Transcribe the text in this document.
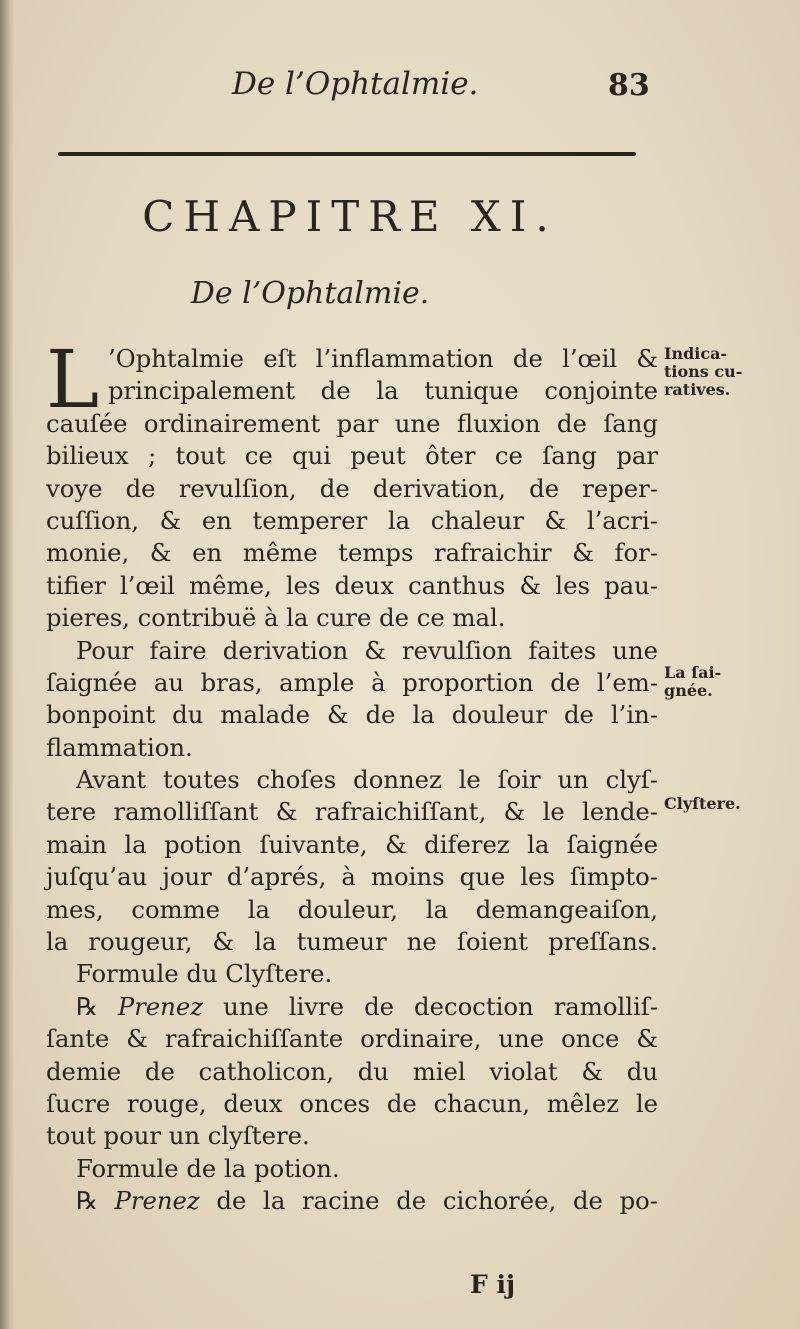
De l’Ophtalmie.	83
CHAPITRE XI.
De l’Ophtalmie.
L ’Ophtalmie eſt l’inflammation de l’œil &
principalement de la tunique conjointe
cauſée ordinairement par une fluxion de ſang
bilieux ; tout ce qui peut ôter ce ſang par
voye de revulſion, de derivation, de reper-
cuſſion, & en temperer la chaleur & l’acri-
monie, & en même temps rafraichir & for-
tifier l’œil même, les deux canthus & les pau-
pieres, contribuë à la cure de ce mal.
Pour faire derivation & revulſion faites une
ſaignée au bras, ample à proportion de l’em-
bonpoint du malade & de la douleur de l’in-
flammation.
Avant toutes choſes donnez le ſoir un clyſ-
tere ramolliſſant & rafraichiſſant, & le lende-
main la potion ſuivante, & diferez la ſaignée
juſqu’au jour d’aprés, à moins que les ſimpto-
mes, comme la douleur, la demangeaiſon,
la rougeur, & la tumeur ne ſoient preſſans.
Formule du Clyſtere.
℞ Prenez une livre de decoction ramolliſ-
ſante & rafraichiſſante ordinaire, une once &
demie de catholicon, du miel violat & du
ſucre rouge, deux onces de chacun, mêlez le
tout pour un clyſtere.
Formule de la potion.
℞ Prenez de la racine de cichorée, de po-
Indica-
tions cu-
ratives.
La ſai-
gnée.
Clyſtere.
F ij
